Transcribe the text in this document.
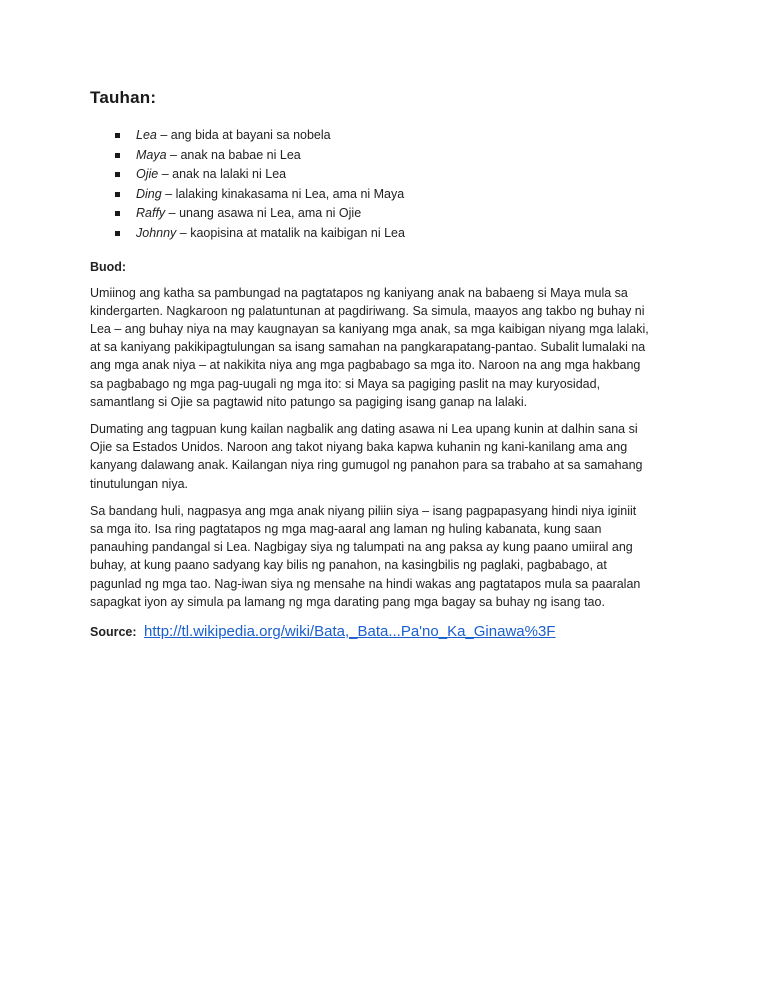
Tauhan:
Lea – ang bida at bayani sa nobela
Maya – anak na babae ni Lea
Ojie – anak na lalaki ni Lea
Ding – lalaking kinakasama ni Lea, ama ni Maya
Raffy – unang asawa ni Lea, ama ni Ojie
Johnny – kaopisina at matalik na kaibigan ni Lea
Buod:

Umiinog ang katha sa pambungad na pagtatapos ng kaniyang anak na babaeng si Maya mula sa kindergarten. Nagkaroon ng palatuntunan at pagdiriwang. Sa simula, maayos ang takbo ng buhay ni Lea – ang buhay niya na may kaugnayan sa kaniyang mga anak, sa mga kaibigan niyang mga lalaki, at sa kaniyang pakikipagtulungan sa isang samahan na pangkarapatang-pantao. Subalit lumalaki na ang mga anak niya – at nakikita niya ang mga pagbabago sa mga ito. Naroon na ang mga hakbang sa pagbabago ng mga pag-uugali ng mga ito: si Maya sa pagiging paslit na may kuryosidad, samantlang si Ojie sa pagtawid nito patungo sa pagiging isang ganap na lalaki.

Dumating ang tagpuan kung kailan nagbalik ang dating asawa ni Lea upang kunin at dalhin sana si Ojie sa Estados Unidos. Naroon ang takot niyang baka kapwa kuhanin ng kani-kanilang ama ang kanyang dalawang anak. Kailangan niya ring gumugol ng panahon para sa trabaho at sa samahang tinutulungan niya.

Sa bandang huli, nagpasya ang mga anak niyang piliin siya – isang pagpapasyang hindi niya iginiit sa mga ito. Isa ring pagtatapos ng mga mag-aaral ang laman ng huling kabanata, kung saan panauhing pandangal si Lea. Nagbigay siya ng talumpati na ang paksa ay kung paano umiiral ang buhay, at kung paano sadyang kay bilis ng panahon, na kasingbilis ng paglaki, pagbabago, at pagunlad ng mga tao. Nag-iwan siya ng mensahe na hindi wakas ang pagtatapos mula sa paaralan sapagkat iyon ay simula pa lamang ng mga darating pang mga bagay sa buhay ng isang tao.

Source: http://tl.wikipedia.org/wiki/Bata,_Bata...Pa'no_Ka_Ginawa%3F
